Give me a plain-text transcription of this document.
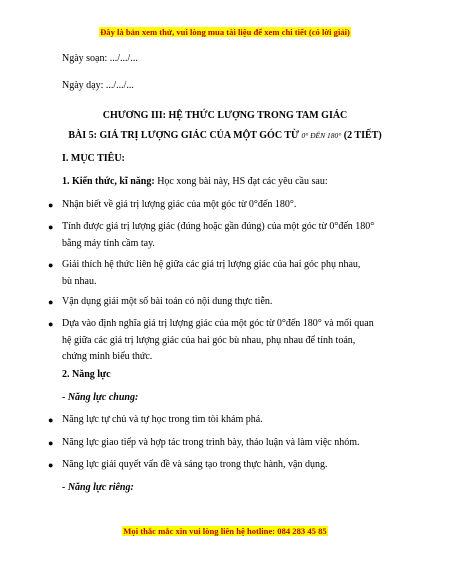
Đây là bản xem thử, vui lòng mua tài liệu để xem chi tiết (có lời giải)
Ngày soạn: .../.../...
Ngày dạy: .../.../...
CHƯƠNG III: HỆ THỨC LƯỢNG TRONG TAM GIÁC
BÀI 5: GIÁ TRỊ LƯỢNG GIÁC CỦA MỘT GÓC TỪ 0° ĐẾN 180° (2 TIẾT)
I. MỤC TIÊU:
1. Kiến thức, kĩ năng: Học xong bài này, HS đạt các yêu cầu sau:
● Nhận biết về giá trị lượng giác của một góc từ 0°đến 180°.
● Tính được giá trị lượng giác (đúng hoặc gần đúng) của một góc từ 0°đến 180°
bằng máy tính cầm tay.
● Giải thích hệ thức liên hệ giữa các giá trị lượng giác của hai góc phụ nhau,
bù nhau.
● Vận dụng giải một số bài toán có nội dung thực tiễn.
● Dựa vào định nghĩa giá trị lượng giác của một góc từ 0°đến 180° và mối quan
hệ giữa các giá trị lượng giác của hai góc bù nhau, phụ nhau để tính toán,
chứng minh biểu thức.
2. Năng lực
- Năng lực chung:
● Năng lực tự chủ và tự học trong tìm tòi khám phá.
● Năng lực giao tiếp và hợp tác trong trình bày, thảo luận và làm việc nhóm.
● Năng lực giải quyết vấn đề và sáng tạo trong thực hành, vận dụng.
- Năng lực riêng:
Mọi thắc mắc xin vui lòng liên hệ hotline: 084 283 45 85
